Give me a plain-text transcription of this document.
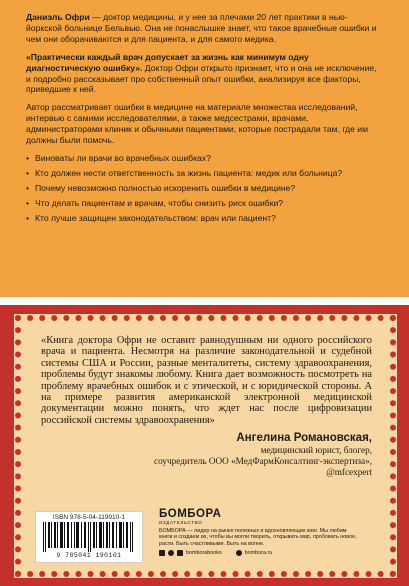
Даниэль Офри — доктор медицины, и у нее за плечами 20 лет практики в нью-йоркской больнице Бельвью. Она не понаслышке знает, что такое врачебные ошибки и чем они оборачиваются и для пациента, и для самого медика.

«Практически каждый врач допускает за жизнь как минимум одну диагностическую ошибку». Доктор Офри открыто признает, что и она не исключение, и подробно рассказывает про собственный опыт ошибки, анализируя все факторы, приведшие к ней.

Автор рассматривает ошибки в медицине на материале множества исследований, интервью с самими исследователями, а также медсестрами, врачами, администраторами клиник и обычными пациентами, которые пострадали там, где им должны были помочь.

• Виноваты ли врачи во врачебных ошибках?
• Кто должен нести ответственность за жизнь пациента: медик или больница?
• Почему невозможно полностью искоренить ошибки в медицине?
• Что делать пациентам и врачам, чтобы снизить риск ошибки?
• Кто лучше защищен законодательством: врач или пациент?
«Книга доктора Офри не оставит равнодушным ни одного российского врача и пациента. Несмотря на различие законодательной и судебной системы США и России, разные менталитеты, систему здравоохранения, проблемы будут знакомы любому. Книга дает возможность посмотреть на проблему врачебных ошибок и с этической, и с юридической стороны. А на примере развития американской электронной медицинской документации можно понять, что ждет нас после цифровизации российской системы здравоохранения»
Ангелина Романовская,
медицинский юрист, блогер,
соучредитель ООО «МедФармКонсалтинг-экспертиза»,
@mfcexpert
ISBN 978-5-04-119010-1
9 785041 190101
БОМБОРА
ИЗДАТЕЛЬСТВО
БОМБОРА — лидер на рынке полезных и вдохновляющих книг. Мы любим книги и создаем их, чтобы вы могли творить, открывать мир, пробовать новое, расти. Быть счастливыми. Быть на волне.
bomborabooks	bombora.ru
